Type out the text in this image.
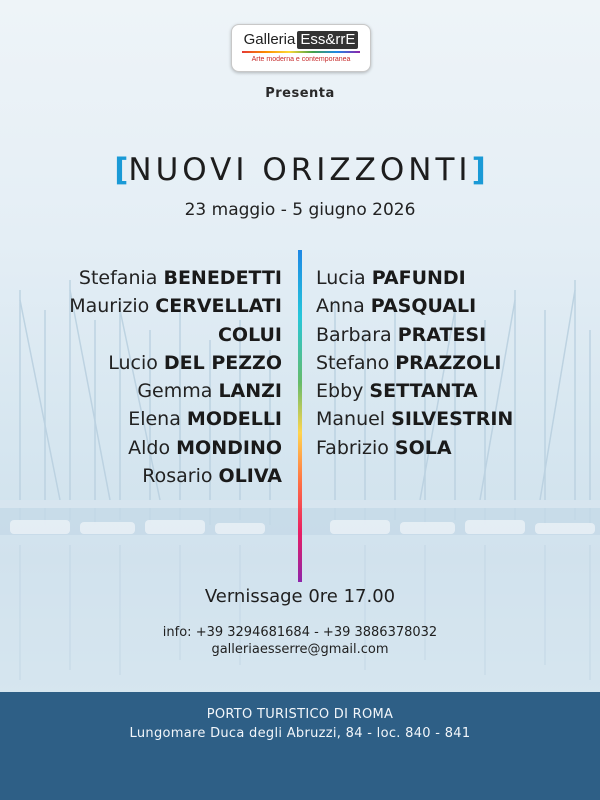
Galleria Ess&rrE
Arte moderna e contemporanea
Presenta
[NUOVI ORIZZONTI]
23 maggio - 5 giugno 2026
Stefania BENEDETTI
Maurizio CERVELLATI
COLUI
Lucio DEL PEZZO
Gemma LANZI
Elena MODELLI
Aldo MONDINO
Rosario OLIVA
Lucia PAFUNDI
Anna PASQUALI
Barbara PRATESI
Stefano PRAZZOLI
Ebby SETTANTA
Manuel SILVESTRIN
Fabrizio SOLA
Vernissage 0re 17.00
info: +39 3294681684 - +39 3886378032
galleriaesserre@gmail.com
PORTO TURISTICO DI ROMA
Lungomare Duca degli Abruzzi, 84 - loc. 840 - 841
